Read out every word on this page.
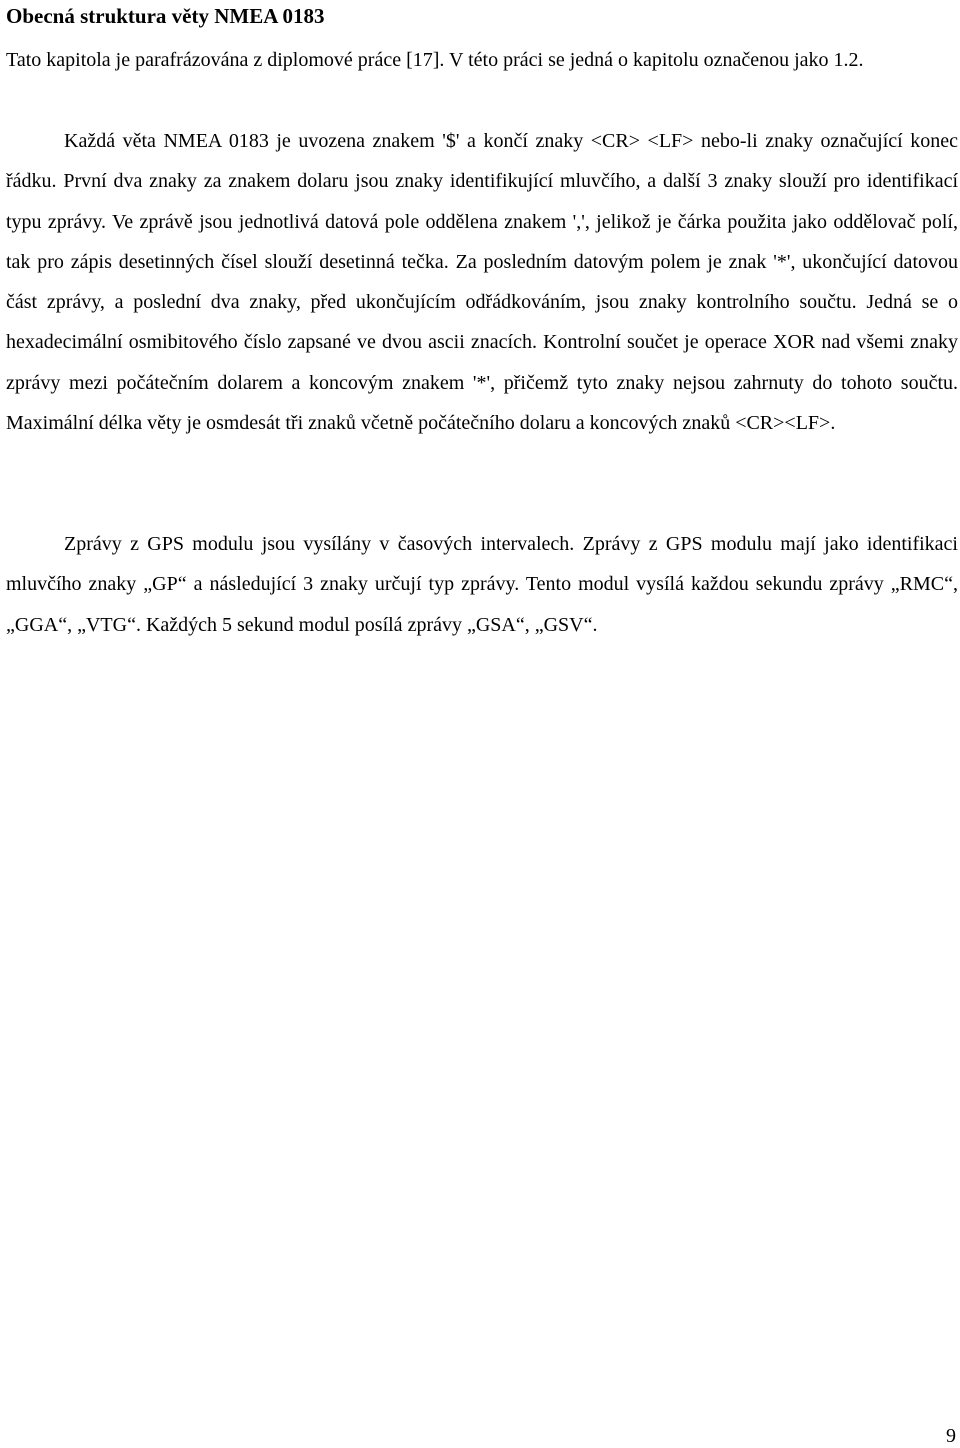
Obecná struktura věty NMEA 0183

Tato kapitola je parafrázována z diplomové práce [17]. V této práci se jedná o kapitolu označenou jako 1.2.

Každá věta NMEA 0183 je uvozena znakem '$' a končí znaky <CR> <LF> nebo-li znaky označující konec řádku. První dva znaky za znakem dolaru jsou znaky identifikující mluvčího, a další 3 znaky slouží pro identifikací typu zprávy. Ve zprávě jsou jednotlivá datová pole oddělena znakem ',', jelikož je čárka použita jako oddělovač polí, tak pro zápis desetinných čísel slouží desetinná tečka. Za posledním datovým polem je znak '*', ukončující datovou část zprávy, a poslední dva znaky, před ukončujícím odřádkováním, jsou znaky kontrolního součtu. Jedná se o hexadecimální osmibitového číslo zapsané ve dvou ascii znacích. Kontrolní součet je operace XOR nad všemi znaky zprávy mezi počátečním dolarem a koncovým znakem '*', přičemž tyto znaky nejsou zahrnuty do tohoto součtu. Maximální délka věty je osmdesát tři znaků včetně počátečního dolaru a koncových znaků <CR><LF>.

Zprávy z GPS modulu jsou vysílány v časových intervalech. Zprávy z GPS modulu mají jako identifikaci mluvčího znaky „GP“ a následující 3 znaky určují typ zprávy. Tento modul vysílá každou sekundu zprávy „RMC“, „GGA“, „VTG“. Každých 5 sekund modul posílá zprávy „GSA“, „GSV“.

9
